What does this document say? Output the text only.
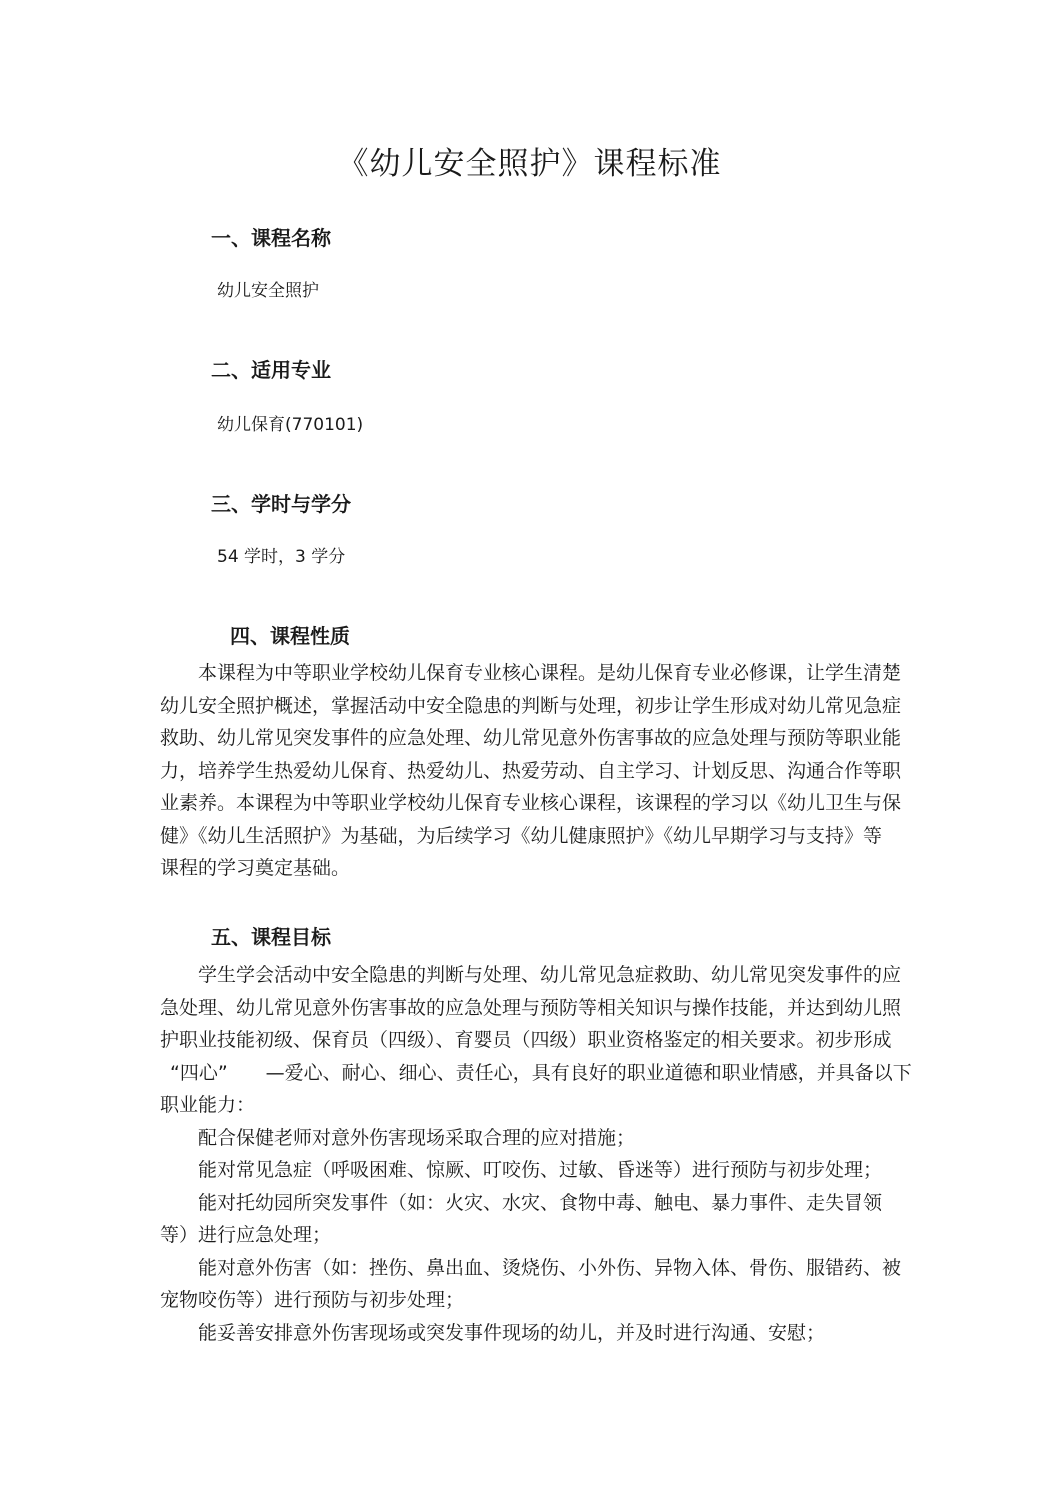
《幼儿安全照护》课程标准
一、课程名称

幼儿安全照护

二、适用专业

幼儿保育(770101)

三、学时与学分

54 学时，3 学分

四、课程性质
本课程为中等职业学校幼儿保育专业核心课程。是幼儿保育专业必修课，让学生清楚
幼儿安全照护概述，掌握活动中安全隐患的判断与处理，初步让学生形成对幼儿常见急症
救助、幼儿常见突发事件的应急处理、幼儿常见意外伤害事故的应急处理与预防等职业能
力，培养学生热爱幼儿保育、热爱幼儿、热爱劳动、自主学习、计划反思、沟通合作等职
业素养。本课程为中等职业学校幼儿保育专业核心课程，该课程的学习以《幼儿卫生与保
健》《幼儿生活照护》为基础，为后续学习《幼儿健康照护》《幼儿早期学习与支持》等
课程的学习奠定基础。
五、课程目标
学生学会活动中安全隐患的判断与处理、幼儿常见急症救助、幼儿常见突发事件的应
急处理、幼儿常见意外伤害事故的应急处理与预防等相关知识与操作技能，并达到幼儿照
护职业技能初级、保育员（四级）、育婴员（四级）职业资格鉴定的相关要求。初步形成
“四心”　　—爱心、耐心、细心、责任心，具有良好的职业道德和职业情感，并具备以下
职业能力：
配合保健老师对意外伤害现场采取合理的应对措施；
能对常见急症（呼吸困难、惊厥、叮咬伤、过敏、昏迷等）进行预防与初步处理；
能对托幼园所突发事件（如：火灾、水灾、食物中毒、触电、暴力事件、走失冒领
等）进行应急处理；
能对意外伤害（如：挫伤、鼻出血、烫烧伤、小外伤、异物入体、骨伤、服错药、被
宠物咬伤等）进行预防与初步处理；
能妥善安排意外伤害现场或突发事件现场的幼儿，并及时进行沟通、安慰；
